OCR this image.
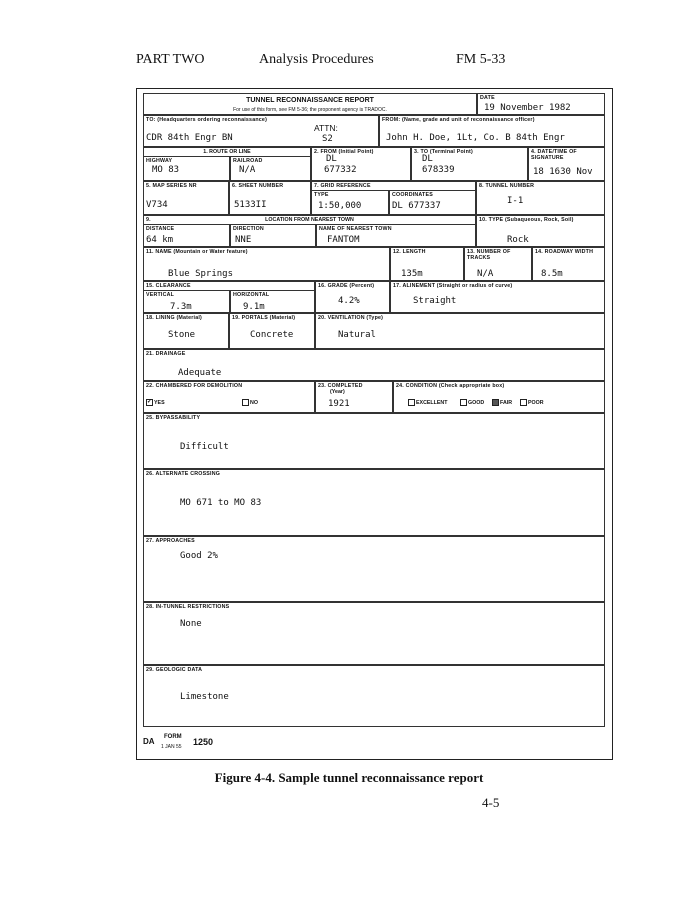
PART TWO	Analysis Procedures	FM 5-33
TUNNEL RECONNAISSANCE REPORT
For use of this form, see FM 5-36; the proponent agency is TRADOC.
DATE
19 November 1982
TO: (Headquarters ordering reconnaissance)
CDR 84th Engr BN
ATTN:
S2
FROM: (Name, grade and unit of reconnaissance officer)
John H. Doe, 1Lt, Co. B 84th Engr
1. ROUTE OR LINE
HIGHWAY
MO 83
RAILROAD
N/A
2. FROM (Initial Point)
DL
677332
3. TO (Terminal Point)
DL
678339
4. DATE/TIME OF SIGNATURE
18 1630 Nov
5. MAP SERIES NR
V734
6. SHEET NUMBER
5133II
7. GRID REFERENCE
TYPE
1:50,000
COORDINATES
DL 677337
8. TUNNEL NUMBER
I-1
9.	LOCATION FROM NEAREST TOWN
DISTANCE
64 km
DIRECTION
NNE
NAME OF NEAREST TOWN
FANTOM
10. TYPE (Subaqueous, Rock, Soil)
Rock
11. NAME (Mountain or Water feature)
Blue Springs
12. LENGTH
135m
13. NUMBER OF TRACKS
N/A
14. ROADWAY WIDTH
8.5m
15. CLEARANCE
VERTICAL
7.3m
HORIZONTAL
9.1m
16. GRADE (Percent)
4.2%
17. ALINEMENT (Straight or radius of curve)
Straight
18. LINING (Material)
Stone
19. PORTALS (Material)
Concrete
20. VENTILATION (Type)
Natural
21. DRAINAGE
Adequate
22. CHAMBERED FOR DEMOLITION
✓ YES	NO
23. COMPLETED
(Year)
1921
24. CONDITION (Check appropriate box)
EXCELLENT	GOOD	FAIR	POOR
25. BYPASSABILITY
Difficult
26. ALTERNATE CROSSING
MO 671 to MO 83
27. APPROACHES
Good 2%
28. IN-TUNNEL RESTRICTIONS
None
29. GEOLOGIC DATA
Limestone
DA FORM 1250
1 JAN 55
Figure 4-4. Sample tunnel reconnaissance report
4-5
